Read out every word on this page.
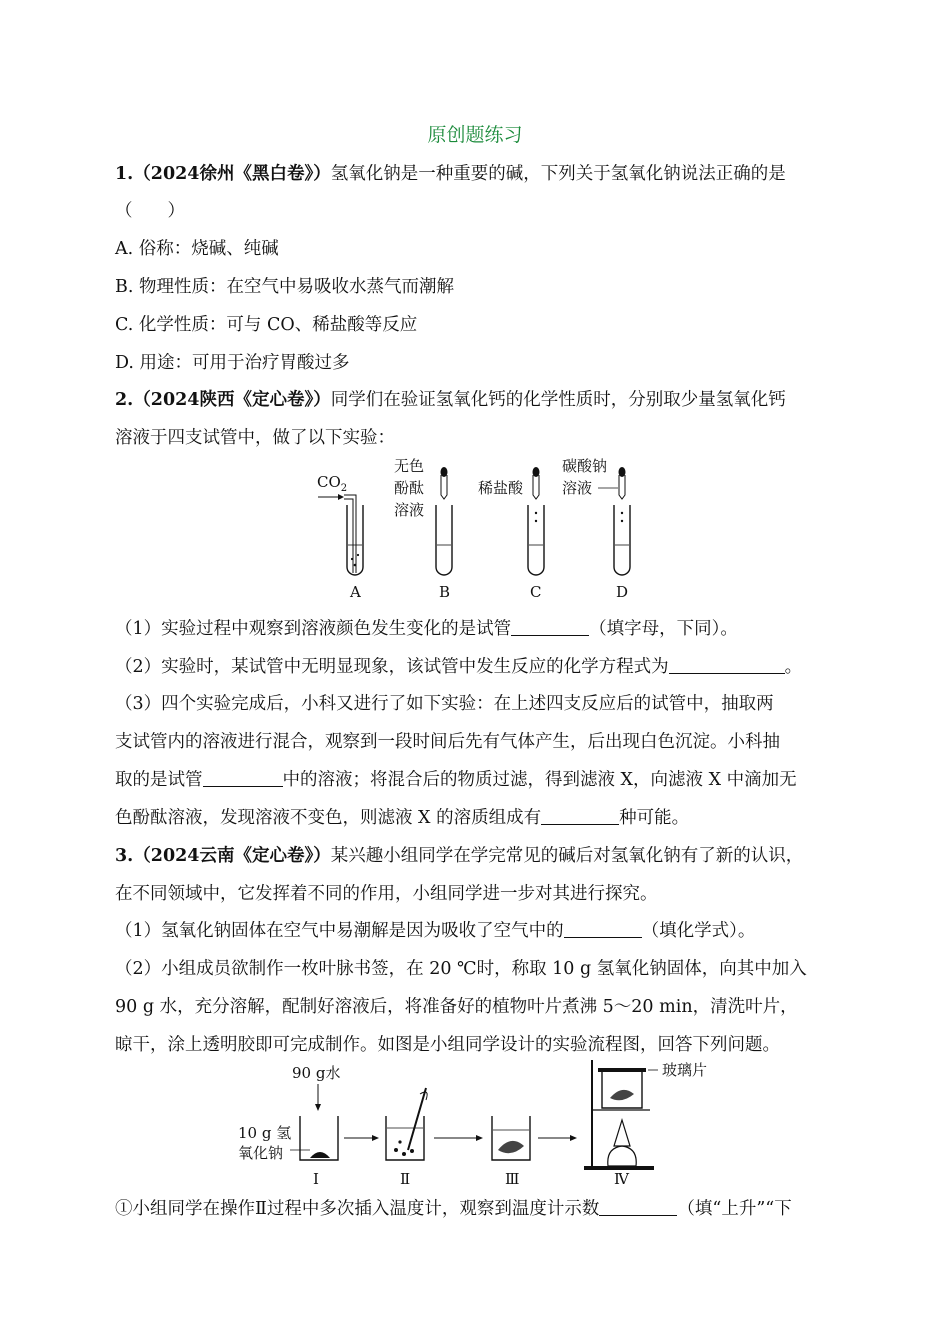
原创题练习
1.（2024徐州《黑白卷》）氢氧化钠是一种重要的碱，下列关于氢氧化钠说法正确的是
（　　）
A. 俗称：烧碱、纯碱
B. 物理性质：在空气中易吸收水蒸气而潮解
C. 化学性质：可与 CO、稀盐酸等反应
D. 用途：可用于治疗胃酸过多
2.（2024陕西《定心卷》）同学们在验证氢氧化钙的化学性质时，分别取少量氢氧化钙
溶液于四支试管中，做了以下实验：
$CO_2$
A
无色
酚酞
溶液
B
稀盐酸
C
碳酸钠
溶液
D
（1）实验过程中观察到溶液颜色发生变化的是试管	（填字母，下同）。
（2）实验时，某试管中无明显现象，该试管中发生反应的化学方程式为	。
（3）四个实验完成后，小科又进行了如下实验：在上述四支反应后的试管中，抽取两
支试管内的溶液进行混合，观察到一段时间后先有气体产生，后出现白色沉淀。小科抽
取的是试管	中的溶液；将混合后的物质过滤，得到滤液 X，向滤液 X 中滴加无
色酚酞溶液，发现溶液不变色，则滤液 X 的溶质组成有	种可能。
3.（2024云南《定心卷》）某兴趣小组同学在学完常见的碱后对氢氧化钠有了新的认识，
在不同领域中，它发挥着不同的作用，小组同学进一步对其进行探究。
（1）氢氧化钠固体在空气中易潮解是因为吸收了空气中的	（填化学式）。
（2）小组成员欲制作一枚叶脉书签，在 20 ℃时，称取 10 g 氢氧化钠固体，向其中加入
90 g 水，充分溶解，配制好溶液后，将准备好的植物叶片煮沸 5～20 min，清洗叶片，
晾干，涂上透明胶即可完成制作。如图是小组同学设计的实验流程图，回答下列问题。
90 g水
10 g 氢
氧化钠
Ⅰ	Ⅱ	Ⅲ
玻璃片
Ⅳ
①小组同学在操作Ⅱ过程中多次插入温度计，观察到温度计示数	（填“上升”“下
